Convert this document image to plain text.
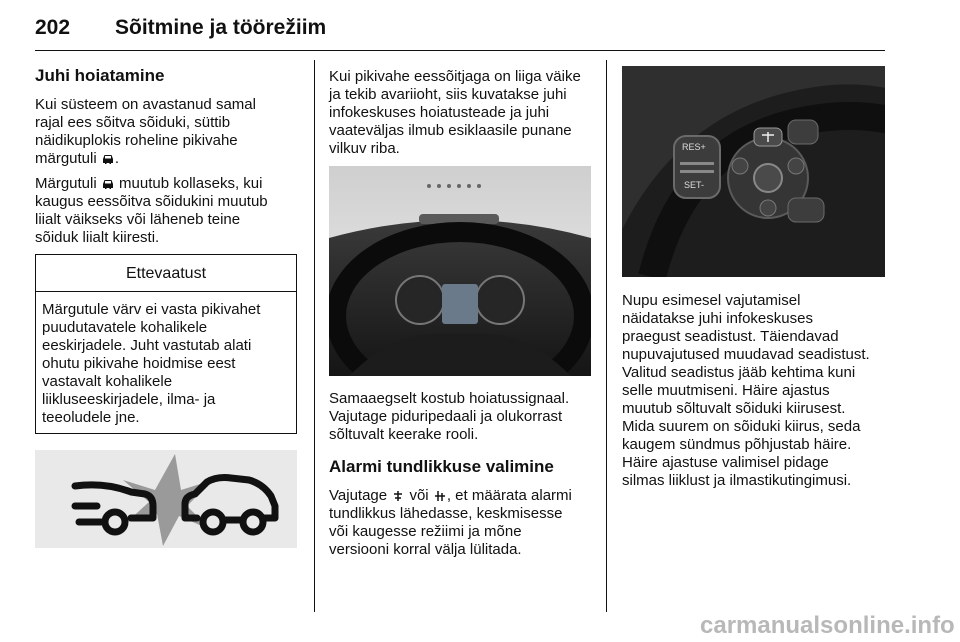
202 Sõitmine ja töörežiim
Juhi hoiatamine
Kui süsteem on avastanud samal
rajal ees sõitva sõiduki, süttib
näidikuplokis roheline pikivahe
märgutuli .
Märgutuli muutub kollaseks, kui
kaugus eessõitva sõidukini muutub
liialt väikseks või läheneb teine
sõiduk liialt kiiresti.
Ettevaatust
Märgutule värv ei vasta pikivahet
puudutavatele kohalikele
eeskirjadele. Juht vastutab alati
ohutu pikivahe hoidmise eest
vastavalt kohalikele
liikluseeskirjadele, ilma- ja
teeoludele jne.
Kui pikivahe eessõitjaga on liiga väike
ja tekib avariioht, siis kuvatakse juhi
infokeskuses hoiatusteade ja juhi
vaateväljas ilmub esiklaasile punane
vilkuv riba.
Samaaegselt kostub hoiatussignaal.
Vajutage piduripedaali ja olukorrast
sõltuvalt keerake rooli.
Alarmi tundlikkuse valimine
Vajutage või , et määrata alarmi
tundlikkus lähedasse, keskmisesse
või kaugesse režiimi ja mõne
versiooni korral välja lülitada.
RES+
SET-
Nupu esimesel vajutamisel
näidatakse juhi infokeskuses
praegust seadistust. Täiendavad
nupuvajutused muudavad seadistust.
Valitud seadistus jääb kehtima kuni
selle muutmiseni. Häire ajastus
muutub sõltuvalt sõiduki kiirusest.
Mida suurem on sõiduki kiirus, seda
kaugem sündmus põhjustab häire.
Häire ajastuse valimisel pidage
silmas liiklust ja ilmastikutingimusi.
carmanualsonline.info
